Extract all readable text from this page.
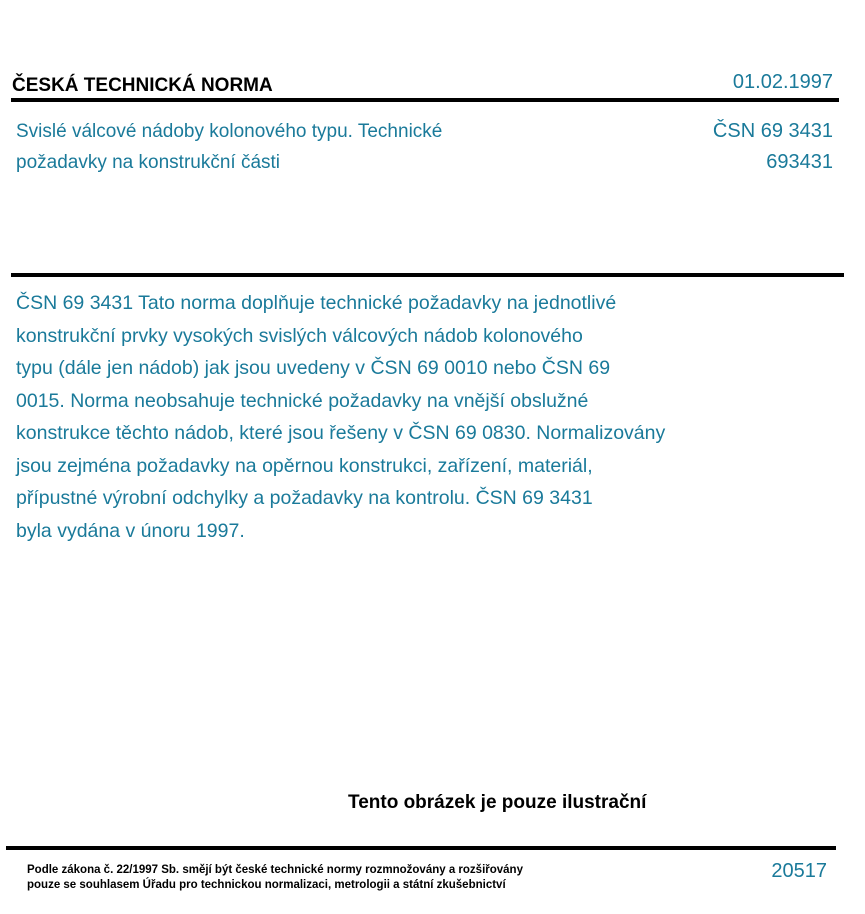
ČESKÁ TECHNICKÁ NORMA	01.02.1997
Svislé válcové nádoby kolonového typu. Technické
požadavky na konstrukční části
ČSN 69 3431
693431
ČSN 69 3431 Tato norma doplňuje technické požadavky na jednotlivé
konstrukční prvky vysokých svislých válcových nádob kolonového
typu (dále jen nádob) jak jsou uvedeny v ČSN 69 0010 nebo ČSN 69
0015. Norma neobsahuje technické požadavky na vnější obslužné
konstrukce těchto nádob, které jsou řešeny v ČSN 69 0830. Normalizovány
jsou zejména požadavky na opěrnou konstrukci, zařízení, materiál,
přípustné výrobní odchylky a požadavky na kontrolu. ČSN 69 3431
byla vydána v únoru 1997.
Tento obrázek je pouze ilustrační
Podle zákona č. 22/1997 Sb. smějí být české technické normy rozmnožovány a rozšiřovány
pouze se souhlasem Úřadu pro technickou normalizaci, metrologii a státní zkušebnictví
20517
